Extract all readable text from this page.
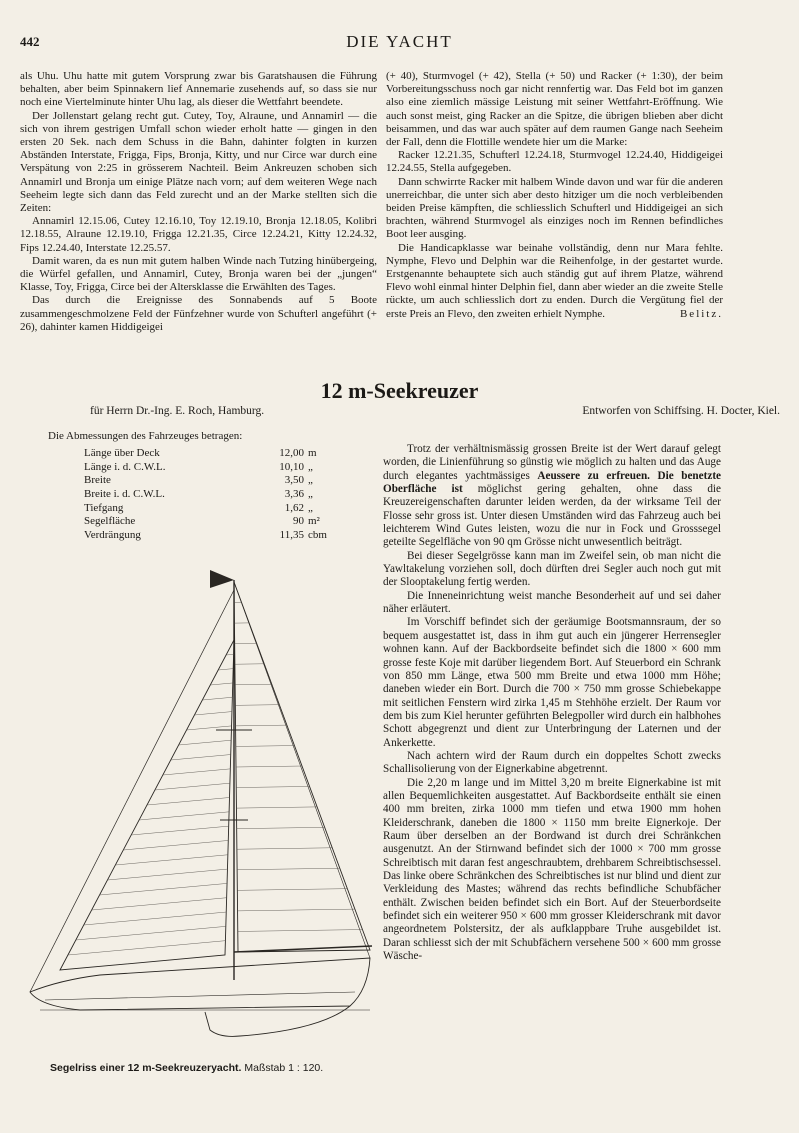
442	DIE YACHT

als Uhu. Uhu hatte mit gutem Vorsprung zwar bis Garatshausen die Führung behalten, aber beim Spinnakern lief Annemarie zusehends auf, so dass sie nur noch eine Viertelminute hinter Uhu lag, als dieser die Wettfahrt beendete.

Der Jollenstart gelang recht gut. Cutey, Toy, Alraune, und Annamirl — die sich von ihrem gestrigen Umfall schon wieder erholt hatte — gingen in den ersten 20 Sek. nach dem Schuss in die Bahn, dahinter folgten in kurzen Abständen Interstate, Frigga, Fips, Bronja, Kitty, und nur Circe war durch eine Verspätung von 2:25 in grösserem Nachteil. Beim Ankreuzen schoben sich Annamirl und Bronja um einige Plätze nach vorn; auf dem weiteren Wege nach Seeheim legte sich dann das Feld zurecht und an der Marke stellten sich die Zeiten:

Annamirl 12.15.06, Cutey 12.16.10, Toy 12.19.10, Bronja 12.18.05, Kolibri 12.18.55, Alraune 12.19.10, Frigga 12.21.35, Circe 12.24.21, Kitty 12.24.32, Fips 12.24.40, Interstate 12.25.57.

Damit waren, da es nun mit gutem halben Winde nach Tutzing hinübergeing, die Würfel gefallen, und Annamirl, Cutey, Bronja waren bei der „jungen“ Klasse, Toy, Frigga, Circe bei der Altersklasse die Erwählten des Tages.

Das durch die Ereignisse des Sonnabends auf 5 Boote zusammengeschmolzene Feld der Fünfzehner wurde von Schufterl angeführt (+ 26), dahinter kamen Hiddigeigei

(+ 40), Sturmvogel (+ 42), Stella (+ 50) und Racker (+ 1:30), der beim Vorbereitungsschuss noch gar nicht rennfertig war. Das Feld bot im ganzen also eine ziemlich mässige Leistung mit seiner Wettfahrt-Eröffnung. Wie auch sonst meist, ging Racker an die Spitze, die übrigen blieben aber dicht beisammen, und das war auch später auf dem raumen Gange nach Seeheim der Fall, denn die Flottille wendete hier um die Marke:

Racker 12.21.35, Schufterl 12.24.18, Sturmvogel 12.24.40, Hiddigeigei 12.24.55, Stella aufgegeben.

Dann schwirrte Racker mit halbem Winde davon und war für die anderen unerreichbar, die unter sich aber desto hitziger um die noch verbleibenden beiden Preise kämpften, die schliesslich Schufterl und Hiddigeigei an sich brachten, während Sturmvogel als einziges noch im Rennen befindliches Boot leer ausging.

Die Handicapklasse war beinahe vollständig, denn nur Mara fehlte. Nymphe, Flevo und Delphin war die Reihenfolge, in der gestartet wurde. Erstgenannte behauptete sich auch ständig gut auf ihrem Platze, während Flevo wohl einmal hinter Delphin fiel, dann aber wieder an die zweite Stelle rückte, um auch schliesslich dort zu enden. Durch die Vergütung fiel der erste Preis an Flevo, den zweiten erhielt Nymphe.	Belitz.

12 m-Seekreuzer
für Herrn Dr.-Ing. E. Roch, Hamburg.	Entworfen von Schiffsing. H. Docter, Kiel.
Die Abmessungen des Fahrzeuges betragen:
Länge über Deck	12,00	m
Länge i. d. C.W.L.	10,10	„
Breite	3,50	„
Breite i. d. C.W.L.	3,36	„
Tiefgang	1,62	„
Segelfläche	90	m²
Verdrängung	11,35	cbm
Segelriss einer 12 m-Seekreuzeryacht. Maßstab 1 : 120.

Trotz der verhältnismässig grossen Breite ist der Wert darauf gelegt worden, die Linienführung so günstig wie möglich zu halten und das Auge durch elegantes yachtmässiges Aeussere zu erfreuen. Die benetzte Oberfläche ist möglichst gering gehalten, ohne dass die Kreuzereigenschaften darunter leiden werden, da der wirksame Teil der Flosse sehr gross ist. Unter diesen Umständen wird das Fahrzeug auch bei leichterem Wind Gutes leisten, wozu die nur in Fock und Grosssegel geteilte Segelfläche von 90 qm Grösse nicht unwesentlich beiträgt.

Bei dieser Segelgrösse kann man im Zweifel sein, ob man nicht die Yawltakelung vorziehen soll, doch dürften drei Segler auch noch gut mit der Slooptakelung fertig werden.

Die Inneneinrichtung weist manche Besonderheit auf und sei daher näher erläutert.

Im Vorschiff befindet sich der geräumige Bootsmannsraum, der so bequem ausgestattet ist, dass in ihm gut auch ein jüngerer Herrensegler wohnen kann. Auf der Backbordseite befindet sich die 1800 × 600 mm grosse feste Koje mit darüber liegendem Bort. Auf Steuerbord ein Schrank von 850 mm Länge, etwa 500 mm Breite und etwa 1000 mm Höhe; daneben wieder ein Bort. Durch die 700 × 750 mm grosse Schiebekappe mit seitlichen Fenstern wird zirka 1,45 m Stehhöhe erzielt. Der Raum vor dem bis zum Kiel herunter geführten Belegpoller wird durch ein halbhohes Schott abgegrenzt und dient zur Unterbringung der Laternen und der Ankerkette.

Nach achtern wird der Raum durch ein doppeltes Schott zwecks Schallisolierung von der Eignerkabine abgetrennt.

Die 2,20 m lange und im Mittel 3,20 m breite Eignerkabine ist mit allen Bequemlichkeiten ausgestattet. Auf Backbordseite enthält sie einen 400 mm breiten, zirka 1000 mm tiefen und etwa 1900 mm hohen Kleiderschrank, daneben die 1800 × 1150 mm breite Eignerkoje. Der Raum über derselben an der Bordwand ist durch drei Schränkchen ausgenutzt. An der Stirnwand befindet sich der 1000 × 700 mm grosse Schreibtisch mit daran fest angeschraubtem, drehbarem Schreibtischsessel. Das linke obere Schränkchen des Schreibtisches ist nur blind und dient zur Verkleidung des Mastes; während das rechts befindliche Schubfächer enthält. Zwischen beiden befindet sich ein Bort. Auf der Steuerbordseite befindet sich ein weiterer 950 × 600 mm grosser Kleiderschrank mit davor angeordnetem Polstersitz, der als aufklappbare Truhe ausgebildet ist. Daran schliesst sich der mit Schubfächern versehene 500 × 600 mm grosse Wäsche-
